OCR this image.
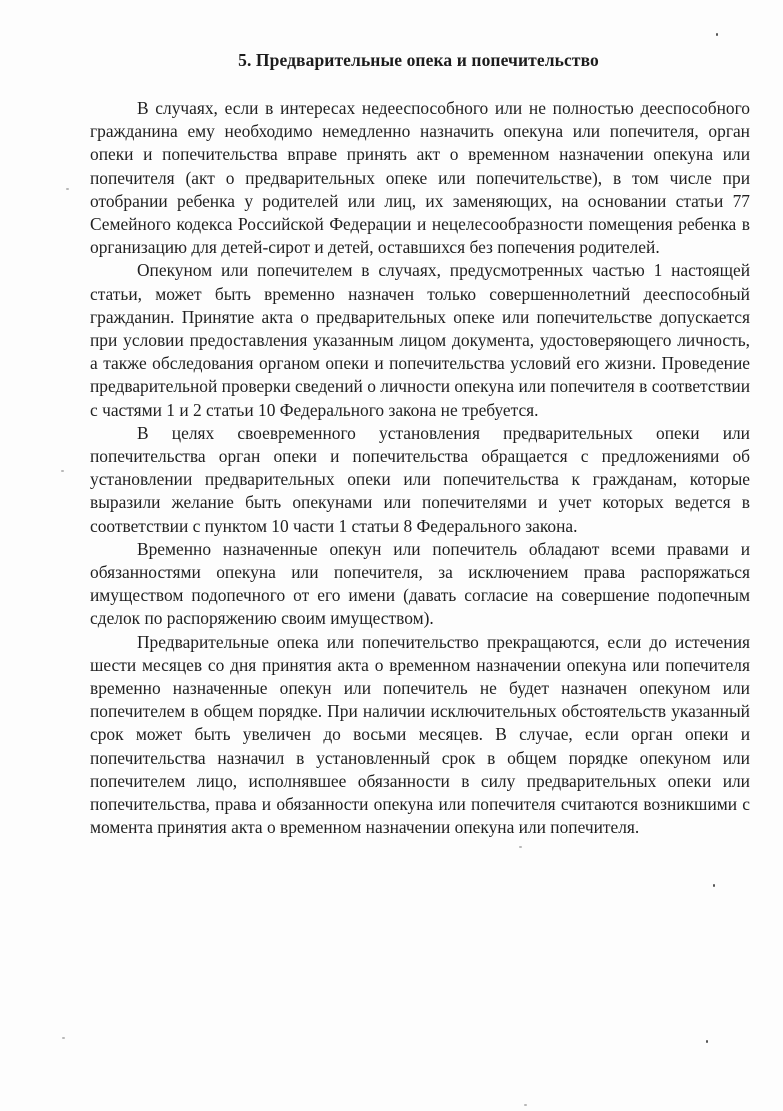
5. Предварительные опека и попечительство

В случаях, если в интересах недееспособного или не полностью дееспособного гражданина ему необходимо немедленно назначить опекуна или попечителя, орган опеки и попечительства вправе принять акт о временном назначении опекуна или попечителя (акт о предварительных опеке или попечительстве), в том числе при отобрании ребенка у родителей или лиц, их заменяющих, на основании статьи 77 Семейного кодекса Российской Федерации и нецелесообразности помещения ребенка в организацию для детей-сирот и детей, оставшихся без попечения родителей.

Опекуном или попечителем в случаях, предусмотренных частью 1 настоящей статьи, может быть временно назначен только совершеннолетний дееспособный гражданин. Принятие акта о предварительных опеке или попечительстве допускается при условии предоставления указанным лицом документа, удостоверяющего личность, а также обследования органом опеки и попечительства условий его жизни. Проведение предварительной проверки сведений о личности опекуна или попечителя в соответствии с частями 1 и 2 статьи 10 Федерального закона не требуется.

В целях своевременного установления предварительных опеки или попечительства орган опеки и попечительства обращается с предложениями об установлении предварительных опеки или попечительства к гражданам, которые выразили желание быть опекунами или попечителями и учет которых ведется в соответствии с пунктом 10 части 1 статьи 8 Федерального закона.

Временно назначенные опекун или попечитель обладают всеми правами и обязанностями опекуна или попечителя, за исключением права распоряжаться имуществом подопечного от его имени (давать согласие на совершение подопечным сделок по распоряжению своим имуществом).

Предварительные опека или попечительство прекращаются, если до истечения шести месяцев со дня принятия акта о временном назначении опекуна или попечителя временно назначенные опекун или попечитель не будет назначен опекуном или попечителем в общем порядке. При наличии исключительных обстоятельств указанный срок может быть увеличен до восьми месяцев. В случае, если орган опеки и попечительства назначил в установленный срок в общем порядке опекуном или попечителем лицо, исполнявшее обязанности в силу предварительных опеки или попечительства, права и обязанности опекуна или попечителя считаются возникшими с момента принятия акта о временном назначении опекуна или попечителя.
